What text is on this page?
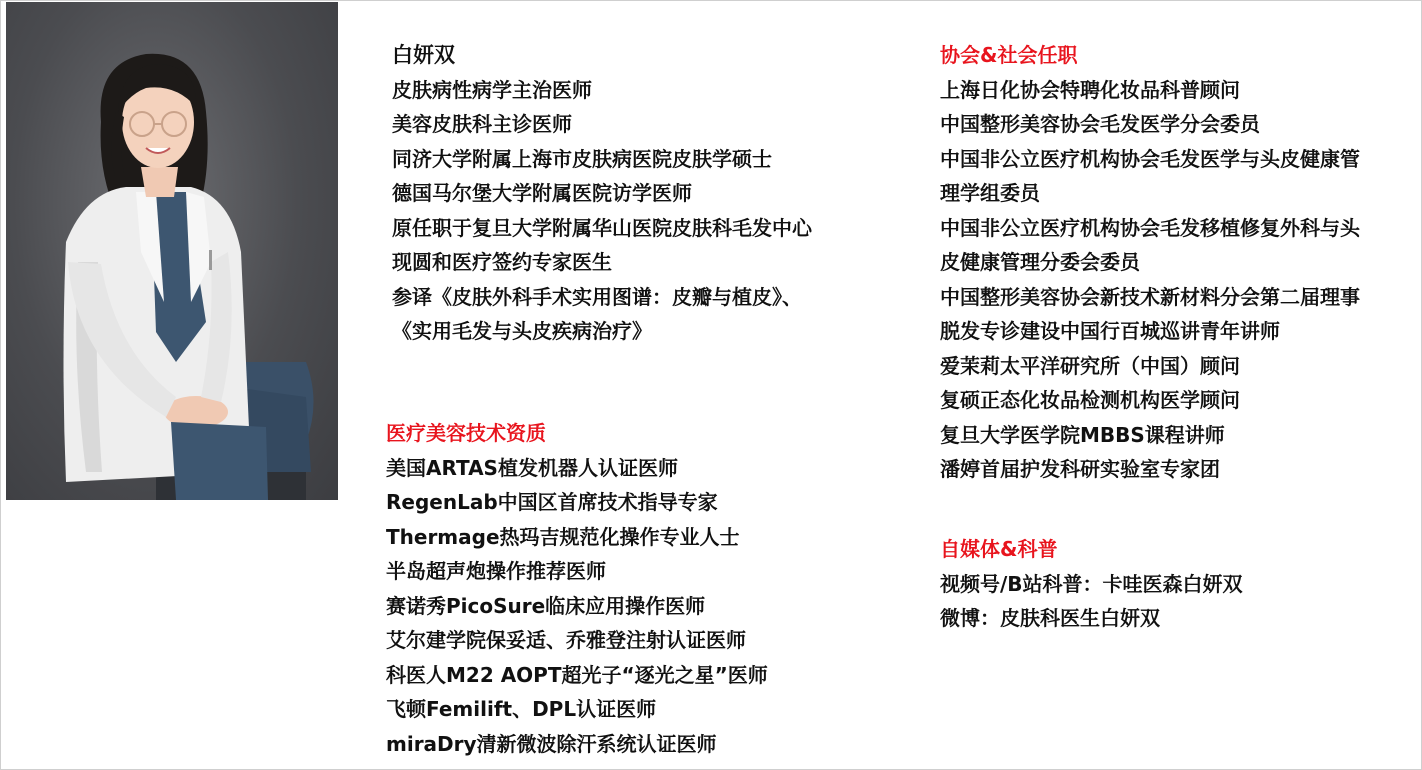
白妍双
皮肤病性病学主治医师
美容皮肤科主诊医师
同济大学附属上海市皮肤病医院皮肤学硕士
德国马尔堡大学附属医院访学医师
原任职于复旦大学附属华山医院皮肤科毛发中心
现圆和医疗签约专家医生
参译《皮肤外科手术实用图谱：皮瓣与植皮》、
《实用毛发与头皮疾病治疗》
医疗美容技术资质
美国ARTAS植发机器人认证医师
RegenLab中国区首席技术指导专家
Thermage热玛吉规范化操作专业人士
半岛超声炮操作推荐医师
赛诺秀PicoSure临床应用操作医师
艾尔建学院保妥适、乔雅登注射认证医师
科医人M22 AOPT超光子“逐光之星”医师
飞顿Femilift、DPL认证医师
miraDry清新微波除汗系统认证医师
协会&社会任职
上海日化协会特聘化妆品科普顾问
中国整形美容协会毛发医学分会委员
中国非公立医疗机构协会毛发医学与头皮健康管
理学组委员
中国非公立医疗机构协会毛发移植修复外科与头
皮健康管理分委会委员
中国整形美容协会新技术新材料分会第二届理事
脱发专诊建设中国行百城巡讲青年讲师
爱茉莉太平洋研究所（中国）顾问
复硕正态化妆品检测机构医学顾问
复旦大学医学院MBBS课程讲师
潘婷首届护发科研实验室专家团
自媒体&科普
视频号/B站科普：卡哇医森白妍双
微博：皮肤科医生白妍双
